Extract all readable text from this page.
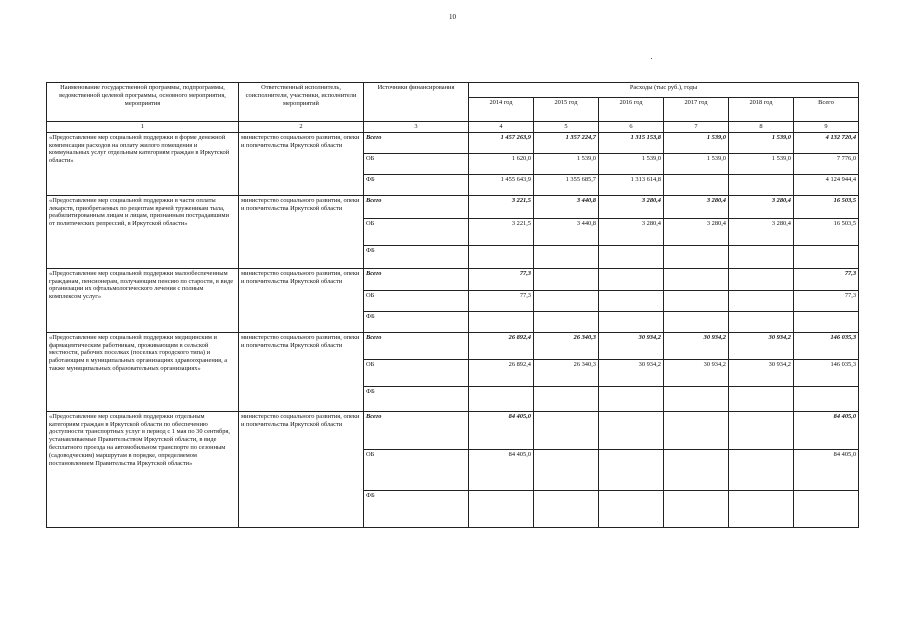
10
Наименование государственной программы, подпрограммы, ведомственной целевой программы, основного мероприятия, мероприятия	Ответственный исполнитель, соисполнители, участники, исполнители мероприятий	Источники финансирования	Расходы (тыс руб.), годы					
			2014 год	2015 год	2016 год	2017 год	2018 год	Всего
1	2	3	4	5	6	7	8	9
«Предоставление мер социальной поддержки в форме денежной компенсации расходов на оплату жилого помещения и коммунальных услуг отдельным категориям граждан в Иркутской области»	министерство социального развития, опеки и попечительства Иркутской области	Всего	1 457 263,9	1 357 224,7	1 315 153,8	1 539,0	1 539,0	4 132 720,4
		ОБ	1 620,0	1 539,0	1 539,0	1 539,0	1 539,0	7 776,0
		ФБ	1 455 643,9	1 355 685,7	1 313 614,8			4 124 944,4
«Предоставление мер социальной поддержки в части оплаты лекарств, приобретаемых по рецептам врачей труженикам тыла, реабилитированным лицам и лицам, признанным пострадавшими от политических репрессий, в Иркутской области»	министерство социального развития, опеки и попечительства Иркутской области	Всего	3 221,5	3 440,8	3 280,4	3 280,4	3 280,4	16 503,5
		ОБ	3 221,5	3 440,8	3 280,4	3 280,4	3 280,4	16 503,5
		ФБ						
«Предоставление мер социальной поддержки малообеспеченным гражданам, пенсионерам, получающим пенсию по старости, в виде организации их офтальмологического лечения с полным комплексом услуг»	министерство социального развития, опеки и попечительства Иркутской области	Всего	77,3					77,3
		ОБ	77,3					77,3
		ФБ						
«Предоставление мер социальной поддержки медицинским и фармацевтическим работникам, проживающим в сельской местности, рабочих поселках (поселках городского типа) и работающим в муниципальных организациях здравоохранения, а также муниципальных образовательных организациях»	министерство социального развития, опеки и попечительства Иркутской области	Всего	26 892,4	26 340,3	30 934,2	30 934,2	30 934,2	146 035,3
		ОБ	26 892,4	26 340,3	30 934,2	30 934,2	30 934,2	146 035,3
		ФБ						
«Предоставление мер социальной поддержки отдельным категориям граждан в Иркутской области по обеспечению доступности транспортных услуг в период с 1 мая по 30 сентября, устанавливаемые Правительством Иркутской области, в виде бесплатного проезда на автомобильном транспорте по сезонным (садоводческим) маршрутам в порядке, определяемом постановлением Правительства Иркутской области»	министерство социального развития, опеки и попечительства Иркутской области	Всего	84 405,0					84 405,0
		ОБ	84 405,0					84 405,0
		ФБ						
